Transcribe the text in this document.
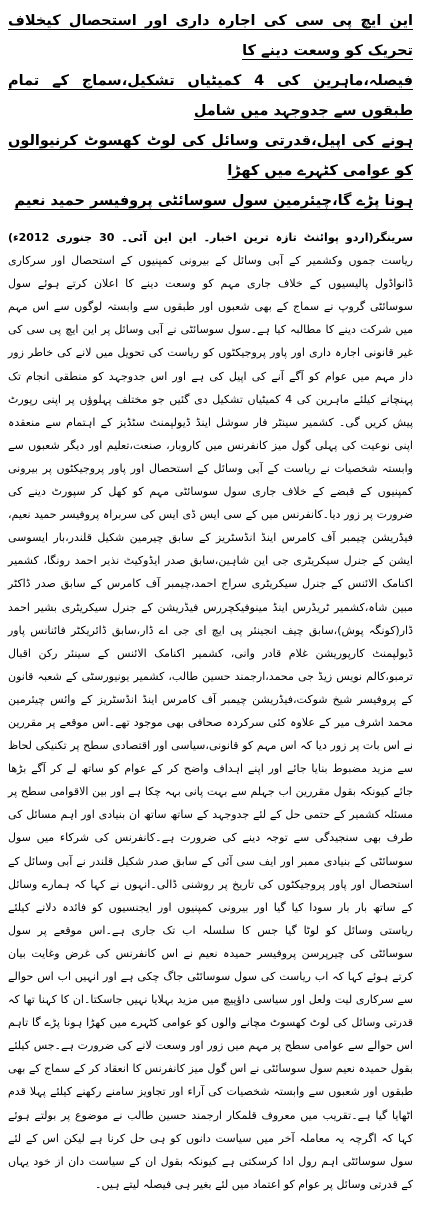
این ایچ پی سی کی اجارہ داری اور استحصال کیخلاف تحریک کو وسعت دینے کا
فیصلہ،ماہرین کی 4 کمیٹیاں تشکیل،سماج کے تمام طبقوں سے جدوجہد میں شامل
ہونے کی اپیل،قدرتی وسائل کی لوٹ کھسوٹ کرنیوالوں کو عوامی کٹہرے میں کھڑا
ہونا پڑے گا،چیئرمین سول سوسائٹی پروفیسر حمید نعیم

سرینگر(اردو پوائنٹ تازہ ترین اخبار۔ این این آئی۔ 30 جنوری 2012ء) ریاست جموں وکشمیر کے آبی وسائل کے بیرونی کمپنیوں کے استحصال اور سرکاری ڈانواڈول پالیسیوں کے خلاف جاری مہم کو وسعت دینے کا اعلان کرتے ہوئے سول سوسائٹی گروپ نے سماج کے بھی شعبوں اور طبقوں سے وابستہ لوگوں سے اس مہم میں شرکت دینے کا مطالبہ کیا ہے۔سول سوسائٹی نے آبی وسائل پر این ایچ پی سی کی غیر قانونی اجارہ داری اور پاور پروجیکٹوں کو ریاست کی تحویل میں لانے کی خاطر زور دار مہم میں عوام کو آگے آنے کی اپیل کی ہے اور اس جدوجہد کو منطقی انجام تک پہنچانے کیلئے ماہرین کی 4 کمیٹیاں تشکیل دی گئیں جو مختلف پہلوؤں پر اپنی رپورٹ پیش کریں گی۔ کشمیر سینٹر فار سوشل اینڈ ڈیولپمنٹ سٹڈیز کے اہتمام سے منعقدہ اپنی نوعیت کی پہلی گول میز کانفرنس میں کاروبار، صنعت،تعلیم اور دیگر شعبوں سے وابستہ شخصیات نے ریاست کے آبی وسائل کے استحصال اور پاور پروجیکٹوں پر بیرونی کمپنیوں کے قبضے کے خلاف جاری سول سوسائٹی مہم کو کھل کر سپورٹ دینے کی ضرورت پر زور دیا۔کانفرنس میں کے سی ایس ڈی ایس کی سربراہ پروفیسر حمید نعیم، فیڈریشن چیمبر آف کامرس اینڈ انڈسٹریز کے سابق چیرمین شکیل قلندر،بار ایسوسی ایشن کے جنرل سیکریٹری جی این شاہین،سابق صدر ایڈوکیٹ نذیر احمد رونگا، کشمیر اکنامک الائنس کے جنرل سیکریٹری سراج احمد،چیمبر آف کامرس کے سابق صدر ڈاکٹر مبین شاہ،کشمیر ٹریڈرس اینڈ مینوفیکچررس فیڈریشن کے جنرل سیکریٹری بشیر احمد ڈار(کونگہ پوش)،سابق چیف انجینئر پی ایچ ای جی اے ڈار،سابق ڈائریکٹر فائنانس پاور ڈیولپمنٹ کارپوریشن غلام قادر وانی، کشمیر اکنامک الائنس کے سینئر رکن اقبال ترمبو،کالم نویس زیڈ جی محمد،ارجمند حسین طالب، کشمیر یونیورسٹی کے شعبہ قانون کے پروفیسر شیخ شوکت،فیڈریشن چیمبر آف کامرس اینڈ انڈسٹریز کے وائس چیئرمین محمد اشرف میر کے علاوہ کئی سرکردہ صحافی بھی موجود تھے۔اس موقعے پر مقررین نے اس بات پر زور دیا کہ اس مہم کو قانونی،سیاسی اور اقتصادی سطح پر تکنیکی لحاظ سے مزید مضبوط بنایا جائے اور اپنے اہداف واضح کر کے عوام کو ساتھ لے کر آگے بڑھا جائے کیونکہ بقول مقررین اب جہلم سے بہت پانی بہہ چکا ہے اور بین الاقوامی سطح پر مسئلہ کشمیر کے حتمی حل کے لئے جدوجہد کے ساتھ ساتھ ان بنیادی اور اہم مسائل کی طرف بھی سنجیدگی سے توجہ دینے کی ضرورت ہے۔کانفرنس کی شرکاء میں سول سوسائٹی کے بنیادی ممبر اور ایف سی آئی کے سابق صدر شکیل قلندر نے آبی وسائل کے استحصال اور پاور پروجیکٹوں کی تاریخ پر روشنی ڈالی۔انہوں نے کہا کہ ہمارے وسائل کے ساتھ بار بار سودا کیا گیا اور بیرونی کمپنیوں اور ایجنسیوں کو فائدہ دلانے کیلئے ریاستی وسائل کو لوٹا گیا جس کا سلسلہ اب تک جاری ہے۔اس موقعے پر سول سوسائٹی کی چیرپرسن پروفیسر حمیدہ نعیم نے اس کانفرنس کی غرض وغایت بیان کرتے ہوئے کہا کہ اب ریاست کی سول سوسائٹی جاگ چکی ہے اور انہیں اب اس حوالے سے سرکاری لیت ولعل اور سیاسی داؤپیچ میں مزید بہلایا نہیں جاسکتا۔ان کا کہنا تھا کہ قدرتی وسائل کی لوٹ کھسوٹ مچانے والوں کو عوامی کٹہرے میں کھڑا ہونا پڑے گا تاہم اس حوالے سے عوامی سطح پر مہم میں زور اور وسعت لانے کی ضرورت ہے۔جس کیلئے بقول حمیدہ نعیم سول سوسائٹی نے اس گول میز کانفرنس کا انعقاد کر کے سماج کے بھی طبقوں اور شعبوں سے وابستہ شخصیات کی آراء اور تجاویز سامنے رکھنے کیلئے پہلا قدم اٹھایا گیا ہے۔تقریب میں معروف قلمکار ارجمند حسین طالب نے موضوع پر بولتے ہوئے کہا کہ اگرچہ یہ معاملہ آخر میں سیاست دانوں کو ہی حل کرنا ہے لیکن اس کے لئے سول سوسائٹی اہم رول ادا کرسکتی ہے کیونکہ بقول ان کے سیاست دان از خود یہاں کے قدرتی وسائل پر عوام کو اعتماد میں لئے بغیر ہی فیصلہ لیتے ہیں۔
